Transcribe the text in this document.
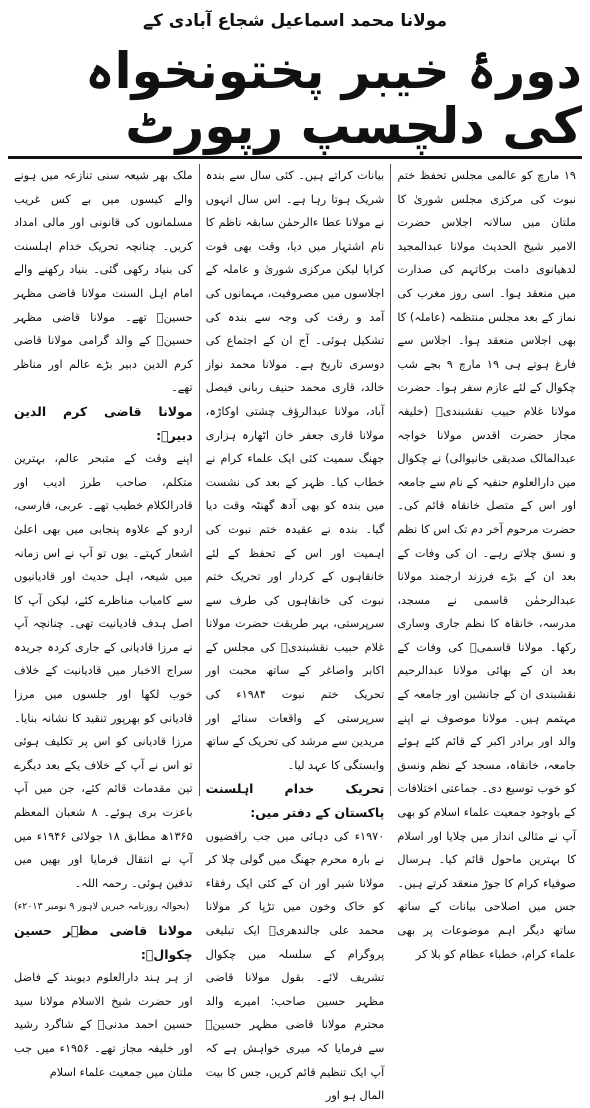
مولانا محمد اسماعیل شجاع آبادی کے
دورۂ خیبر پختونخواہ کی دلچسپ رپورٹ

۱۹ مارچ کو عالمی مجلس تحفظ ختم نبوت کی مرکزی مجلس شوریٰ کا ملتان میں سالانہ اجلاس حضرت الامیر شیخ الحدیث مولانا عبدالمجید لدھیانوی دامت برکاتہم کی صدارت میں منعقد ہوا۔ اسی روز مغرب کی نماز کے بعد مجلس منتظمہ (عاملہ) کا بھی اجلاس منعقد ہوا۔ اجلاس سے فارغ ہوتے ہی ۱۹ مارچ ۹ بجے شب چکوال کے لئے عازم سفر ہوا۔ حضرت مولانا غلام حبیب نقشبندیؒ (خلیفہ مجاز حضرت اقدس مولانا خواجہ عبدالمالک صدیقی خانیوالی) نے چکوال میں دارالعلوم حنفیہ کے نام سے جامعہ اور اس کے متصل خانقاہ قائم کی۔ حضرت مرحوم آخر دم تک اس کا نظم و نسق چلاتے رہے۔ ان کی وفات کے بعد ان کے بڑے فرزند ارجمند مولانا عبدالرحمٰن قاسمی نے مسجد، مدرسہ، خانقاہ کا نظم جاری وساری رکھا۔ مولانا قاسمیؒ کی وفات کے بعد ان کے بھائی مولانا عبدالرحیم نقشبندی ان کے جانشین اور جامعہ کے مہتمم ہیں۔ مولانا موصوف نے اپنے والد اور برادر اکبر کے قائم کئے ہوئے جامعہ، خانقاہ، مسجد کے نظم ونسق کو خوب توسیع دی۔ جماعتی اختلافات کے باوجود جمعیت علماء اسلام کو بھی آپ نے مثالی انداز میں چلایا اور اسلام کا بہترین ماحول قائم کیا۔ ہرسال صوفیاء کرام کا جوڑ منعقد کرتے ہیں۔ جس میں اصلاحی بیانات کے ساتھ ساتھ دیگر اہم موضوعات پر بھی علماء کرام، خطباء عظام کو بلا کر

بیانات کراتے ہیں۔ کئی سال سے بندہ شریک ہوتا رہا ہے۔ اس سال انہوں نے مولانا عطا ءالرحمٰن سابقہ ناظم کا نام اشتہار میں دیا، وقت بھی فوت کرایا لیکن مرکزی شوریٰ و عاملہ کے اجلاسوں میں مصروفیت، مہمانوں کی آمد و رفت کی وجہ سے بندہ کی تشکیل ہوئی۔ آج ان کے اجتماع کی دوسری تاریخ ہے۔ مولانا محمد نواز خالد، قاری محمد حنیف ربانی فیصل آباد، مولانا عبدالرؤف چشتی اوکاڑہ، مولانا قاری جعفر خان اٹھارہ ہزاری جھنگ سمیت کئی ایک علماء کرام نے خطاب کیا۔ ظہر کے بعد کی نشست میں بندہ کو بھی آدھ گھنٹہ وقت دیا گیا۔ بندہ نے عقیدہ ختم نبوت کی اہمیت اور اس کے تحفظ کے لئے خانقاہوں کے کردار اور تحریک ختم نبوت کی خانقاہوں کی طرف سے سرپرستی، بہر طریقت حضرت مولانا غلام حبیب نقشبندیؒ کی مجلس کے اکابر واصاغر کے ساتھ محبت اور تحریک ختم نبوت ۱۹۸۴ء کی سرپرستی کے واقعات سنائے اور مریدین سے مرشد کی تحریک کے ساتھ وابستگی کا عہد لیا۔

تحریک خدام اہلسنت پاکستان کے دفتر میں:

۱۹۷۰ء کی دہائی میں جب رافضیوں نے بارہ محرم جھنگ میں گولی چلا کر مولانا شیر اور ان کے کئی ایک رفقاء کو خاک وخون میں تڑپا کر مولانا محمد علی جالندھریؒ ایک تبلیغی پروگرام کے سلسلہ میں چکوال تشریف لائے۔ بقول مولانا قاضی مظہر حسین صاحب: امیرے والد محترم مولانا قاضی مظہر حسینؒ سے فرمایا کہ میری خواہش ہے کہ آپ ایک تنظیم قائم کریں، جس کا بیت المال ہو اور

ملک بھر شیعہ سنی تنازعہ میں ہونے والے کیسوں میں بے کس غریب مسلمانوں کی قانونی اور مالی امداد کریں۔ چنانچہ تحریک خدام اہلسنت کی بنیاد رکھی گئی۔ بنیاد رکھنے والے امام اہل السنت مولانا قاضی مظہر حسینؒ تھے۔ مولانا قاضی مظہر حسینؒ کے والد گرامی مولانا قاضی کرم الدین دبیر بڑے عالم اور مناظر تھے۔

مولانا قاضی کرم الدین دبیرؒ:

اپنے وقت کے متبحر عالم، بہترین متکلم، صاحب طرز ادیب اور قادرالکلام خطیب تھے۔ عربی، فارسی، اردو کے علاوہ پنجابی میں بھی اعلیٰ اشعار کہتے۔ یوں تو آپ نے اس زمانہ میں شیعہ، اہل حدیث اور قادیانیوں سے کامیاب مناظرے کئے، لیکن آپ کا اصل ہدف قادیانیت تھی۔ چنانچہ آپ نے مرزا قادیانی کے جاری کردہ جریدہ سراج الاخبار میں قادیانیت کے خلاف خوب لکھا اور جلسوں میں مرزا قادیانی کو بھرپور تنقید کا نشانہ بنایا۔ مرزا قادیانی کو اس پر تکلیف ہوئی تو اس نے آپ کے خلاف یکے بعد دیگرے تین مقدمات قائم کئے، جن میں آپ باعزت بری ہوئے۔ ۸ شعبان المعظم ۱۳۶۵ھ مطابق ۱۸ جولائی ۱۹۴۶ء میں آپ نے انتقال فرمایا اور بھیں میں تدفین ہوئی۔ رحمہ اللہ۔

(بحوالہ روزنامہ خبریں لاہور ۹ نومبر ۲۰۱۳ء)

مولانا قاضی مظہر حسین چکوالؒ:

از ہر ہند دارالعلوم دیوبند کے فاضل اور حضرت شیخ الاسلام مولانا سید حسین احمد مدنیؒ کے شاگرد رشید اور خلیفہ مجاز تھے۔ ۱۹۵۶ء میں جب ملتان میں جمعیت علماء اسلام
